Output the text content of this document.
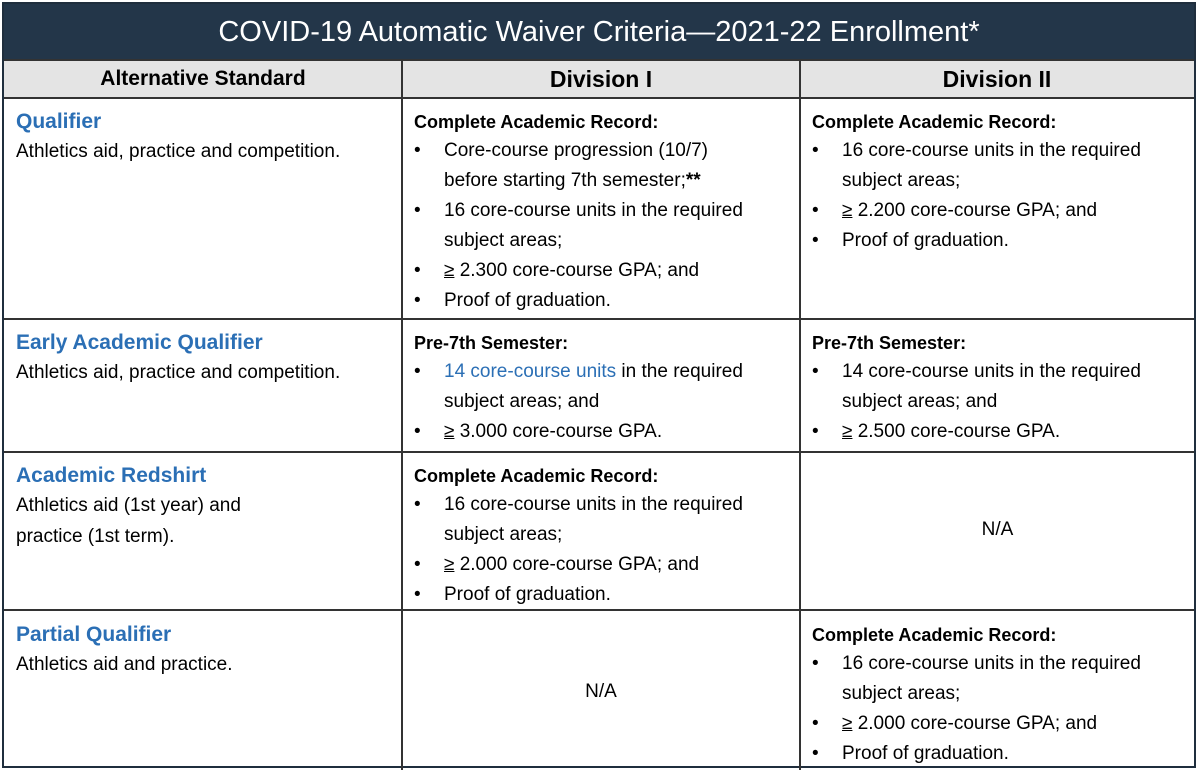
COVID-19 Automatic Waiver Criteria—2021-22 Enrollment*
Alternative Standard	Division I	Division II
Qualifier
Athletics aid, practice and competition.
Complete Academic Record:
• Core-course progression (10/7)
before starting 7th semester;**
• 16 core-course units in the required
subject areas;
• ≥ 2.300 core-course GPA; and
• Proof of graduation.
Complete Academic Record:
• 16 core-course units in the required
subject areas;
• ≥ 2.200 core-course GPA; and
• Proof of graduation.
Early Academic Qualifier
Athletics aid, practice and competition.
Pre-7th Semester:
• 14 core-course units in the required
subject areas; and
• ≥ 3.000 core-course GPA.
Pre-7th Semester:
• 14 core-course units in the required
subject areas; and
• ≥ 2.500 core-course GPA.
Academic Redshirt
Athletics aid (1st year) and
practice (1st term).
Complete Academic Record:
• 16 core-course units in the required
subject areas;
• ≥ 2.000 core-course GPA; and
• Proof of graduation.
N/A
Partial Qualifier
Athletics aid and practice.
N/A
Complete Academic Record:
• 16 core-course units in the required
subject areas;
• ≥ 2.000 core-course GPA; and
• Proof of graduation.
